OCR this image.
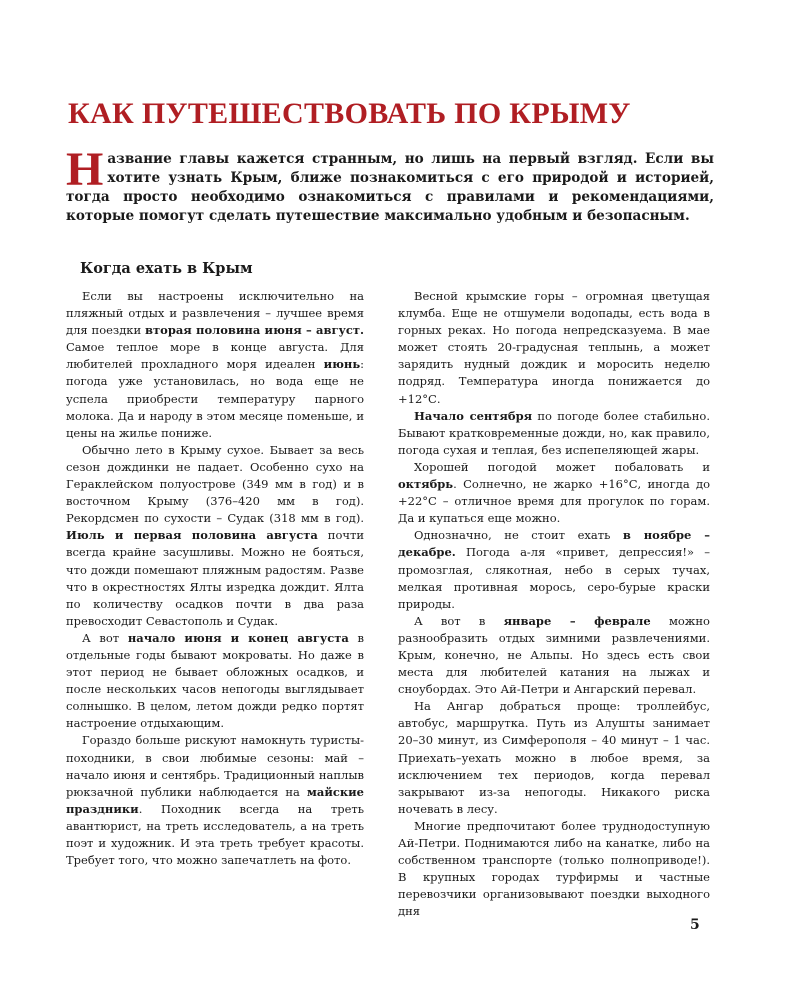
КАК ПУТЕШЕСТВОВАТЬ ПО КРЫМУ
Название главы кажется странным, но лишь на первый взгляд. Если вы хотите узнать Крым, ближе познакомиться с его природой и историей, тогда просто необходимо ознакомиться с правилами и рекомендациями, которые помогут сделать путешествие максимально удобным и безопасным.
Когда ехать в Крым

Если вы настроены исключительно на пляжный отдых и развлечения – лучшее время для поездки вторая половина июня – август. Самое теплое море в конце августа. Для любителей прохладного моря идеален июнь: погода уже установилась, но вода еще не успела приобрести температуру парного молока. Да и народу в этом месяце поменьше, и цены на жилье пониже.

Обычно лето в Крыму сухое. Бывает за весь сезон дождинки не падает. Особенно сухо на Гераклейском полуострове (349 мм в год) и в восточном Крыму (376–420 мм в год). Рекордсмен по сухости – Судак (318 мм в год). Июль и первая половина августа почти всегда крайне засушливы. Можно не бояться, что дожди помешают пляжным радостям. Разве что в окрестностях Ялты изредка дождит. Ялта по количеству осадков почти в два раза превосходит Севастополь и Судак.

А вот начало июня и конец августа в отдельные годы бывают мокроваты. Но даже в этот период не бывает обложных осадков, и после нескольких часов непогоды выглядывает солнышко. В целом, летом дожди редко портят настроение отдыхающим.

Гораздо больше рискуют намокнуть туристы-походники, в свои любимые сезоны: май – начало июня и сентябрь. Традиционный наплыв рюкзачной публики наблюдается на майские праздники. Походник всегда на треть авантюрист, на треть исследователь, а на треть поэт и художник. И эта треть требует красоты. Требует того, что можно запечатлеть на фото.

Весной крымские горы – огромная цветущая клумба. Еще не отшумели водопады, есть вода в горных реках. Но погода непредсказуема. В мае может стоять 20-градусная теплынь, а может зарядить нудный дождик и моросить неделю подряд. Температура иногда понижается до +12°С.

Начало сентября по погоде более стабильно. Бывают кратковременные дожди, но, как правило, погода сухая и теплая, без испепеляющей жары.

Хорошей погодой может побаловать и октябрь. Солнечно, не жарко +16°С, иногда до +22°С – отличное время для прогулок по горам. Да и купаться еще можно.

Однозначно, не стоит ехать в ноябре – декабре. Погода а-ля «привет, депрессия!» – промозглая, слякотная, небо в серых тучах, мелкая противная морось, серо-бурые краски природы.

А вот в январе – феврале можно разнообразить отдых зимними развлечениями. Крым, конечно, не Альпы. Но здесь есть свои места для любителей катания на лыжах и сноубордах. Это Ай-Петри и Ангарский перевал.

На Ангар добраться проще: троллейбус, автобус, маршрутка. Путь из Алушты занимает 20–30 минут, из Симферополя – 40 минут – 1 час. Приехать–уехать можно в любое время, за исключением тех периодов, когда перевал закрывают из-за непогоды. Никакого риска ночевать в лесу.

Многие предпочитают более труднодоступную Ай-Петри. Поднимаются либо на канатке, либо на собственном транспорте (только полноприводе!). В крупных городах турфирмы и частные перевозчики организовывают поездки выходного дня

5
